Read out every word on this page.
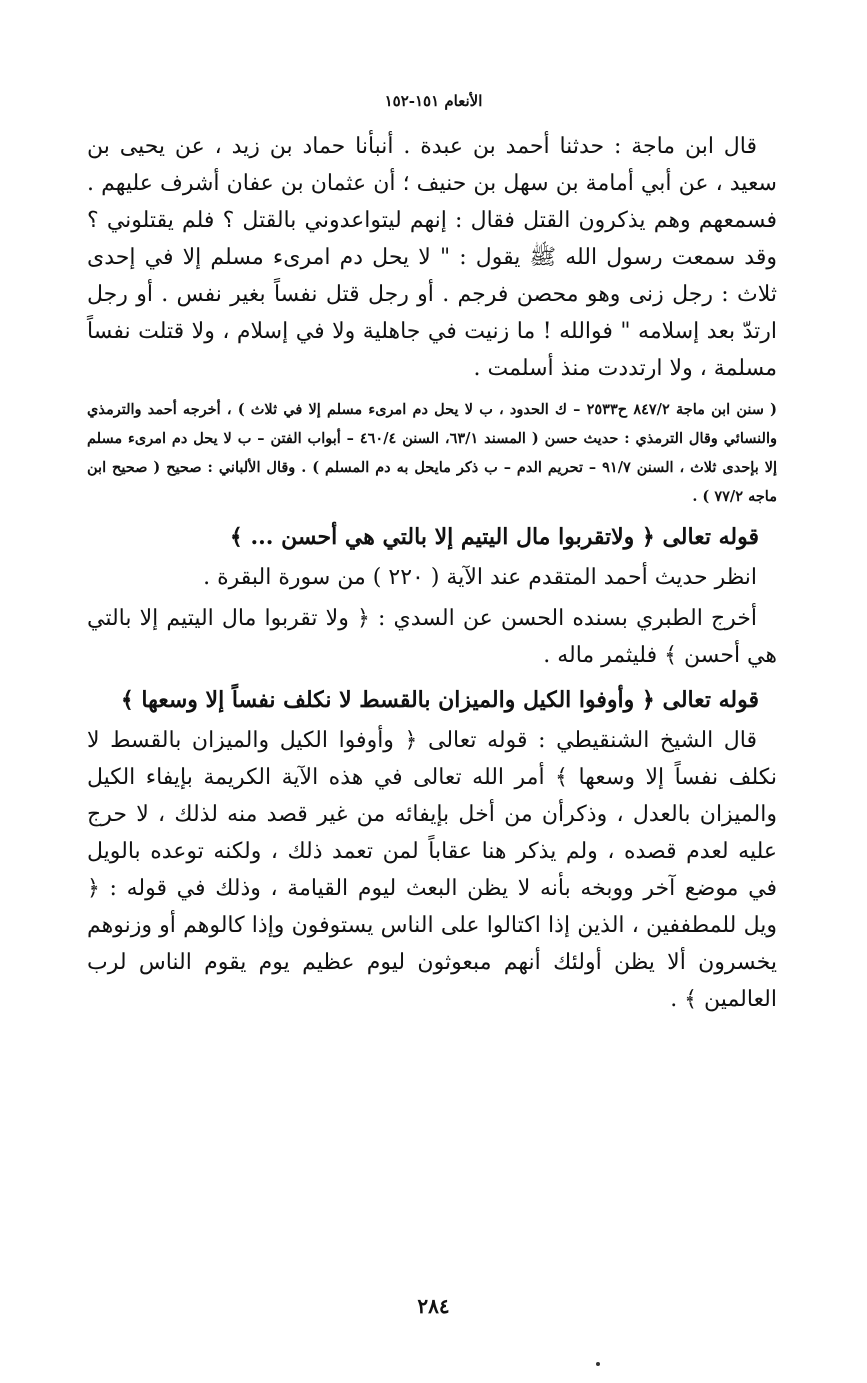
الأنعام ١٥١-١٥٢

قال ابن ماجة : حدثنا أحمد بن عبدة . أنبأنا حماد بن زيد ، عن يحيى بن سعيد ، عن أبي أمامة بن سهل بن حنيف ؛ أن عثمان بن عفان أشرف عليهم . فسمعهم وهم يذكرون القتل فقال : إنهم ليتواعدوني بالقتل ؟ فلم يقتلوني ؟ وقد سمعت رسول الله ﷺ يقول : " لا يحل دم امرىء مسلم إلا في إحدى ثلاث : رجل زنى وهو محصن فرجم . أو رجل قتل نفساً بغير نفس . أو رجل ارتدّ بعد إسلامه " فوالله ! ما زنيت في جاهلية ولا في إسلام ، ولا قتلت نفساً مسلمة ، ولا ارتددت منذ أسلمت .

( سنن ابن ماجة ٨٤٧/٢ ح٢٥٣٣ – ك الحدود ، ب لا يحل دم امرىء مسلم إلا في ثلاث ) ، أخرجه أحمد والترمذي والنسائي وقال الترمذي : حديث حسن ( المسند ٦٣/١، السنن ٤٦٠/٤ – أبواب الفتن – ب لا يحل دم امرىء مسلم إلا بإحدى ثلاث ، السنن ٩١/٧ – تحريم الدم – ب ذكر مايحل به دم المسلم ) . وقال الألباني : صحيح ( صحيح ابن ماجه ٧٧/٢ ) .

قوله تعالى ﴿ ولاتقربوا مال اليتيم إلا بالتي هي أحسن ... ﴾

انظر حديث أحمد المتقدم عند الآية ( ٢٢٠ ) من سورة البقرة .

أخرج الطبري بسنده الحسن عن السدي : ﴿ ولا تقربوا مال اليتيم إلا بالتي هي أحسن ﴾ فليثمر ماله .

قوله تعالى ﴿ وأوفوا الكيل والميزان بالقسط لا نكلف نفساً إلا وسعها ﴾

قال الشيخ الشنقيطي : قوله تعالى ﴿ وأوفوا الكيل والميزان بالقسط لا نكلف نفساً إلا وسعها ﴾ أمر الله تعالى في هذه الآية الكريمة بإيفاء الكيل والميزان بالعدل ، وذكرأن من أخل بإيفائه من غير قصد منه لذلك ، لا حرج عليه لعدم قصده ، ولم يذكر هنا عقاباً لمن تعمد ذلك ، ولكنه توعده بالويل في موضع آخر ووبخه بأنه لا يظن البعث ليوم القيامة ، وذلك في قوله : ﴿ ويل للمطففين ، الذين إذا اكتالوا على الناس يستوفون وإذا كالوهم أو وزنوهم يخسرون ألا يظن أولئك أنهم مبعوثون ليوم عظيم يوم يقوم الناس لرب العالمين ﴾ .

٢٨٤
